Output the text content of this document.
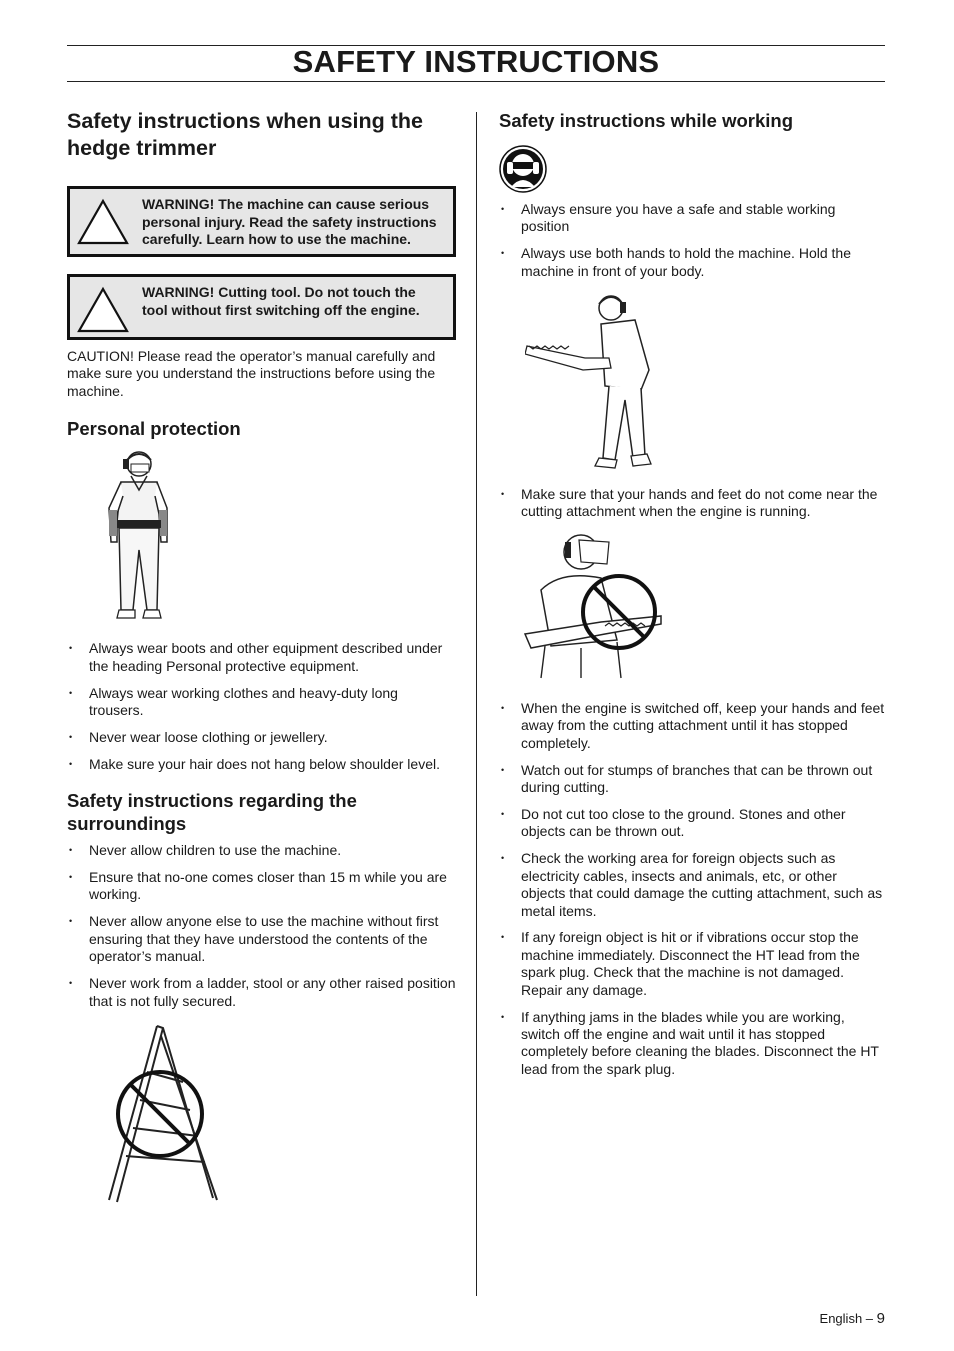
SAFETY INSTRUCTIONS
Safety instructions when using the hedge trimmer
WARNING! The machine can cause serious personal injury. Read the safety instructions carefully. Learn how to use the machine.
WARNING! Cutting tool. Do not touch the tool without first switching off the engine.

CAUTION! Please read the operator’s manual carefully and make sure you understand the instructions before using the machine.

Personal protection
• Always wear boots and other equipment described under the heading Personal protective equipment.
• Always wear working clothes and heavy-duty long trousers.
• Never wear loose clothing or jewellery.
• Make sure your hair does not hang below shoulder level.
Safety instructions regarding the surroundings
• Never allow children to use the machine.
• Ensure that no-one comes closer than 15 m while you are working.
• Never allow anyone else to use the machine without first ensuring that they have understood the contents of the operator’s manual.
• Never work from a ladder, stool or any other raised position that is not fully secured.
Safety instructions while working
• Always ensure you have a safe and stable working position
• Always use both hands to hold the machine. Hold the machine in front of your body.
• Make sure that your hands and feet do not come near the cutting attachment when the engine is running.
• When the engine is switched off, keep your hands and feet away from the cutting attachment until it has stopped completely.
• Watch out for stumps of branches that can be thrown out during cutting.
• Do not cut too close to the ground. Stones and other objects can be thrown out.
• Check the working area for foreign objects such as electricity cables, insects and animals, etc, or other objects that could damage the cutting attachment, such as metal items.
• If any foreign object is hit or if vibrations occur stop the machine immediately. Disconnect the HT lead from the spark plug. Check that the machine is not damaged. Repair any damage.
• If anything jams in the blades while you are working, switch off the engine and wait until it has stopped completely before cleaning the blades. Disconnect the HT lead from the spark plug.
English – 9
